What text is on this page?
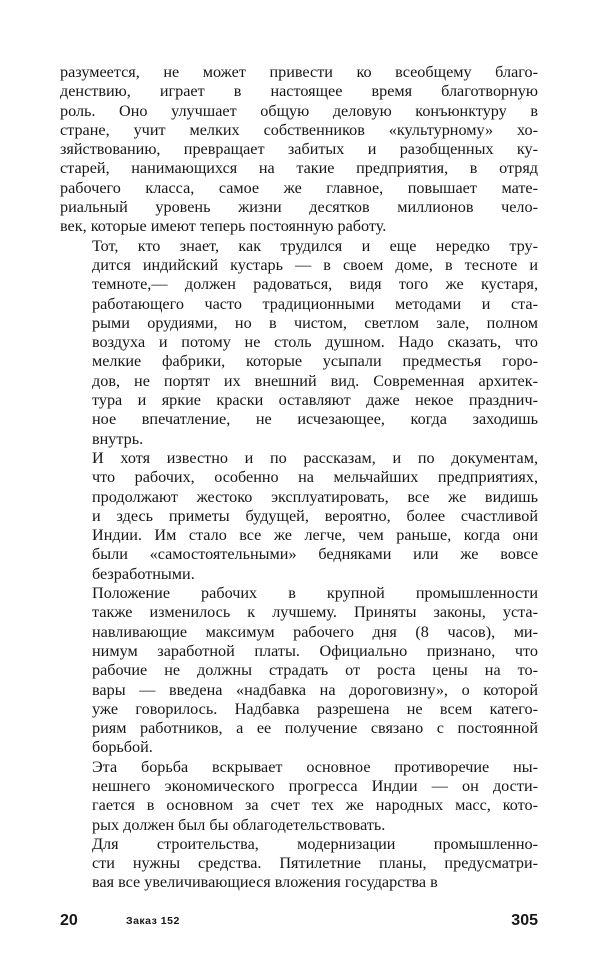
разумеется, не может привести ко всеобщему благо-
денствию, играет в настоящее время благотворную
роль. Оно улучшает общую деловую конъюнктуру в
стране, учит мелких собственников «культурному» хо-
зяйствованию, превращает забитых и разобщенных ку-
старей, нанимающихся на такие предприятия, в отряд
рабочего класса, самое же главное, повышает мате-
риальный уровень жизни десятков миллионов чело-
век, которые имеют теперь постоянную работу.

Тот, кто знает, как трудился и еще нередко тру-
дится индийский кустарь — в своем доме, в тесноте и
темноте,— должен радоваться, видя того же кустаря,
работающего часто традиционными методами и ста-
рыми орудиями, но в чистом, светлом зале, полном
воздуха и потому не столь душном. Надо сказать, что
мелкие фабрики, которые усыпали предместья горо-
дов, не портят их внешний вид. Современная архитек-
тура и яркие краски оставляют даже некое празднич-
ное впечатление, не исчезающее, когда заходишь
внутрь.

И хотя известно и по рассказам, и по документам,
что рабочих, особенно на мельчайших предприятиях,
продолжают жестоко эксплуатировать, все же видишь
и здесь приметы будущей, вероятно, более счастливой
Индии. Им стало все же легче, чем раньше, когда они
были «самостоятельными» бедняками или же вовсе
безработными.

Положение рабочих в крупной промышленности
также изменилось к лучшему. Приняты законы, уста-
навливающие максимум рабочего дня (8 часов), ми-
нимум заработной платы. Официально признано, что
рабочие не должны страдать от роста цены на то-
вары — введена «надбавка на дороговизну», о которой
уже говорилось. Надбавка разрешена не всем катего-
риям работников, а ее получение связано с постоянной
борьбой.

Эта борьба вскрывает основное противоречие ны-
нешнего экономического прогресса Индии — он дости-
гается в основном за счет тех же народных масс, кото-
рых должен был бы облагодетельствовать.

Для строительства, модернизации промышленно-
сти нужны средства. Пятилетние планы, предусматри-
вая все увеличивающиеся вложения государства в

20	Заказ 152	305
